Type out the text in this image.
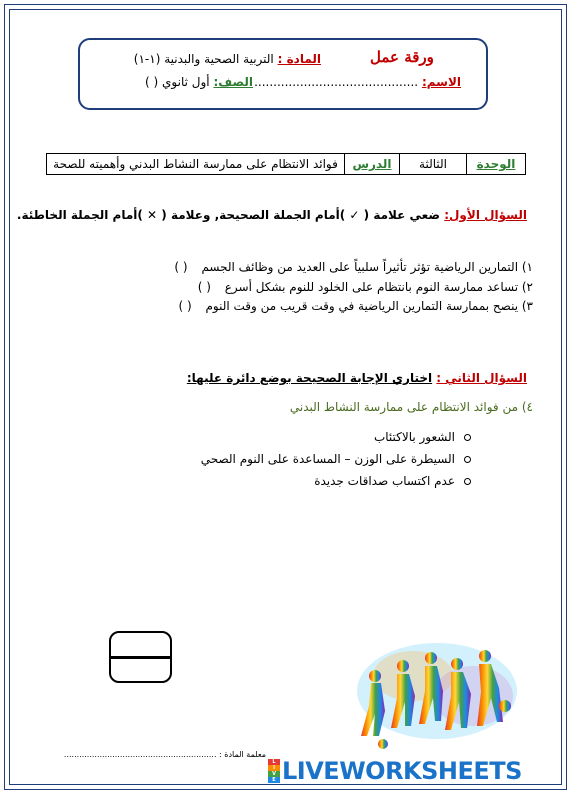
ورقة عمل
المادة : التربية الصحية والبدنية (١-١)
الاسم: ...........................................
الصف: أول ثانوي ( )
الوحدة
الثالثة
الدرس
فوائد الانتظام على ممارسة النشاط البدني وأهميته للصحة
السؤال الأول: ضعي علامة ( ✓ )أمام الجملة الصحيحة, وعلامة ( ✕ )أمام الجملة الخاطئة.
١) التمارين الرياضية تؤثر تأثيراً سلبياً على العديد من وظائف الجسم ( )
٢) تساعد ممارسة النوم بانتظام على الخلود للنوم بشكل أسرع ( )
٣) ينصح بممارسة التمارين الرياضية في وقت قريب من وقت النوم ( )
السؤال الثاني : اختاري الإجابة الصحيحة بوضع دائرة عليها:
٤) من فوائد الانتظام على ممارسة النشاط البدني
الشعور بالاكتئاب
السيطرة على الوزن – المساعدة على النوم الصحي
عدم اكتساب صداقات جديدة
معلمة المادة : ............................................................
L
I
V
E LIVEWORKSHEETS
